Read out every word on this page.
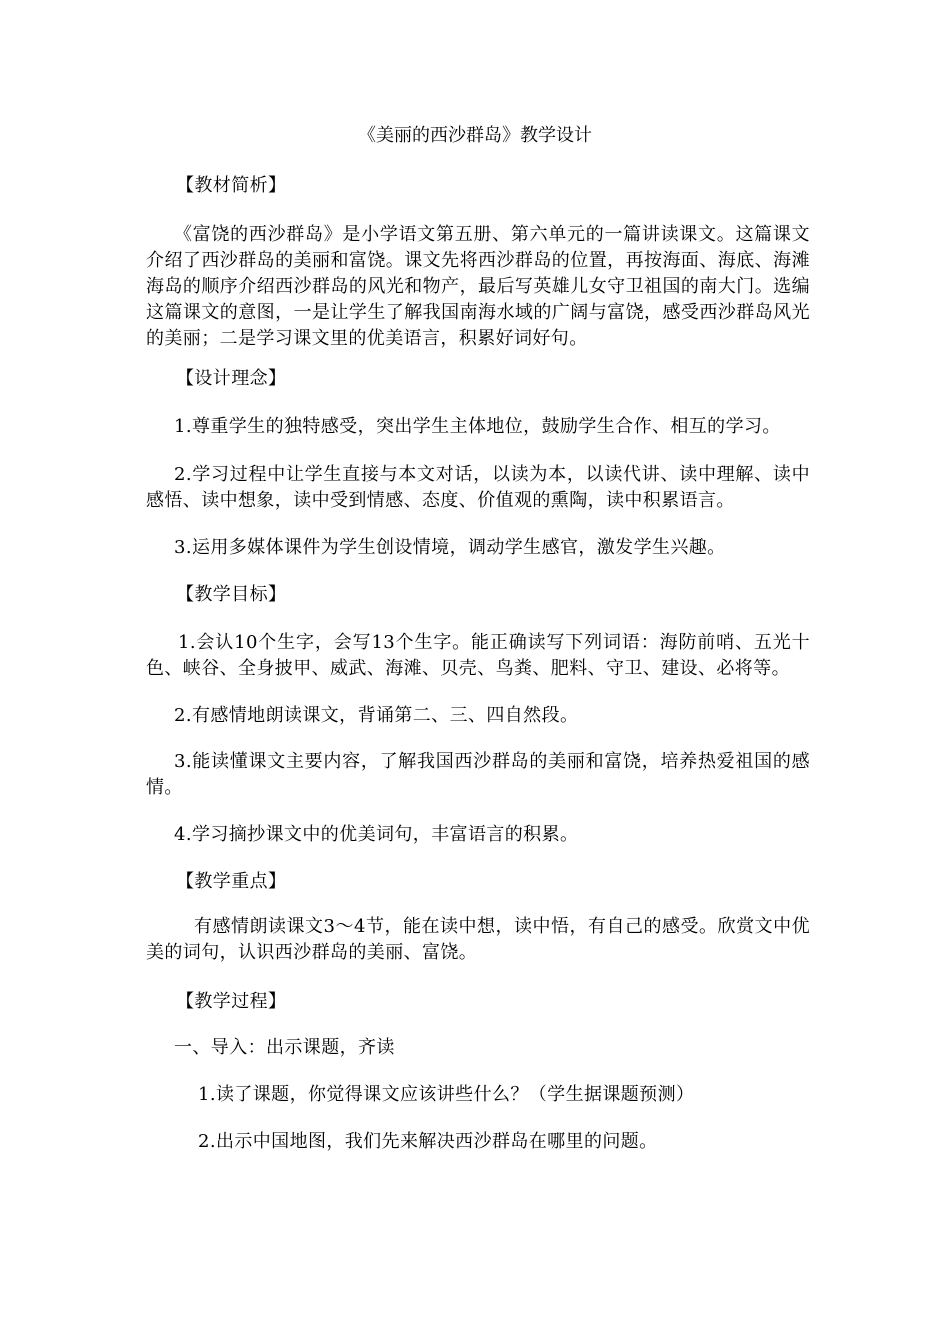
《美丽的西沙群岛》教学设计

【教材简析】

《富饶的西沙群岛》是小学语文第五册、第六单元的一篇讲读课文。这篇课文介绍了西沙群岛的美丽和富饶。课文先将西沙群岛的位置，再按海面、海底、海滩海岛的顺序介绍西沙群岛的风光和物产，最后写英雄儿女守卫祖国的南大门。选编这篇课文的意图，一是让学生了解我国南海水域的广阔与富饶，感受西沙群岛风光的美丽；二是学习课文里的优美语言，积累好词好句。

【设计理念】

1.尊重学生的独特感受，突出学生主体地位，鼓励学生合作、相互的学习。

2.学习过程中让学生直接与本文对话，以读为本，以读代讲、读中理解、读中感悟、读中想象，读中受到情感、态度、价值观的熏陶，读中积累语言。

3.运用多媒体课件为学生创设情境，调动学生感官，激发学生兴趣。

【教学目标】

1.会认10个生字，会写13个生字。能正确读写下列词语：海防前哨、五光十色、峡谷、全身披甲、威武、海滩、贝壳、鸟粪、肥料、守卫、建设、必将等。

2.有感情地朗读课文，背诵第二、三、四自然段。

3.能读懂课文主要内容，了解我国西沙群岛的美丽和富饶，培养热爱祖国的感情。

4.学习摘抄课文中的优美词句，丰富语言的积累。

【教学重点】

有感情朗读课文3～4节，能在读中想，读中悟，有自己的感受。欣赏文中优美的词句，认识西沙群岛的美丽、富饶。

【教学过程】

一、导入：出示课题，齐读

1.读了课题，你觉得课文应该讲些什么？（学生据课题预测）

2.出示中国地图，我们先来解决西沙群岛在哪里的问题。
